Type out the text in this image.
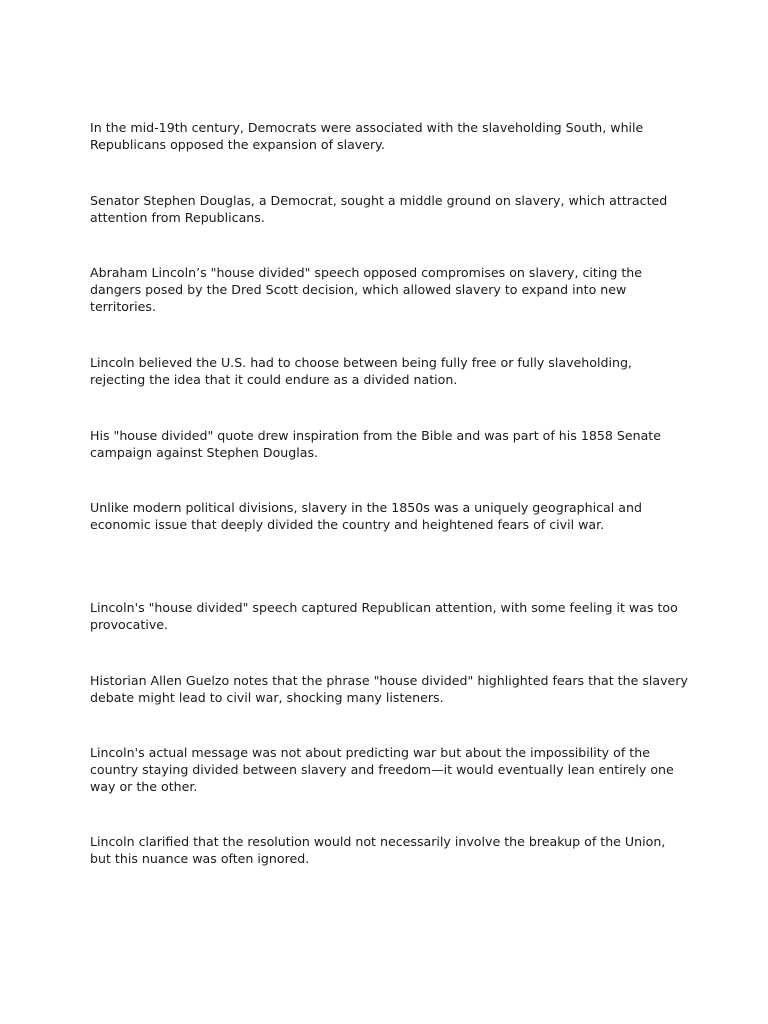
In the mid-19th century, Democrats were associated with the slaveholding South, while Republicans opposed the expansion of slavery.

Senator Stephen Douglas, a Democrat, sought a middle ground on slavery, which attracted attention from Republicans.

Abraham Lincoln’s "house divided" speech opposed compromises on slavery, citing the dangers posed by the Dred Scott decision, which allowed slavery to expand into new territories.

Lincoln believed the U.S. had to choose between being fully free or fully slaveholding, rejecting the idea that it could endure as a divided nation.

His "house divided" quote drew inspiration from the Bible and was part of his 1858 Senate campaign against Stephen Douglas.

Unlike modern political divisions, slavery in the 1850s was a uniquely geographical and economic issue that deeply divided the country and heightened fears of civil war.

Lincoln's "house divided" speech captured Republican attention, with some feeling it was too provocative.

Historian Allen Guelzo notes that the phrase "house divided" highlighted fears that the slavery debate might lead to civil war, shocking many listeners.

Lincoln's actual message was not about predicting war but about the impossibility of the country staying divided between slavery and freedom—it would eventually lean entirely one way or the other.

Lincoln clarified that the resolution would not necessarily involve the breakup of the Union, but this nuance was often ignored.
